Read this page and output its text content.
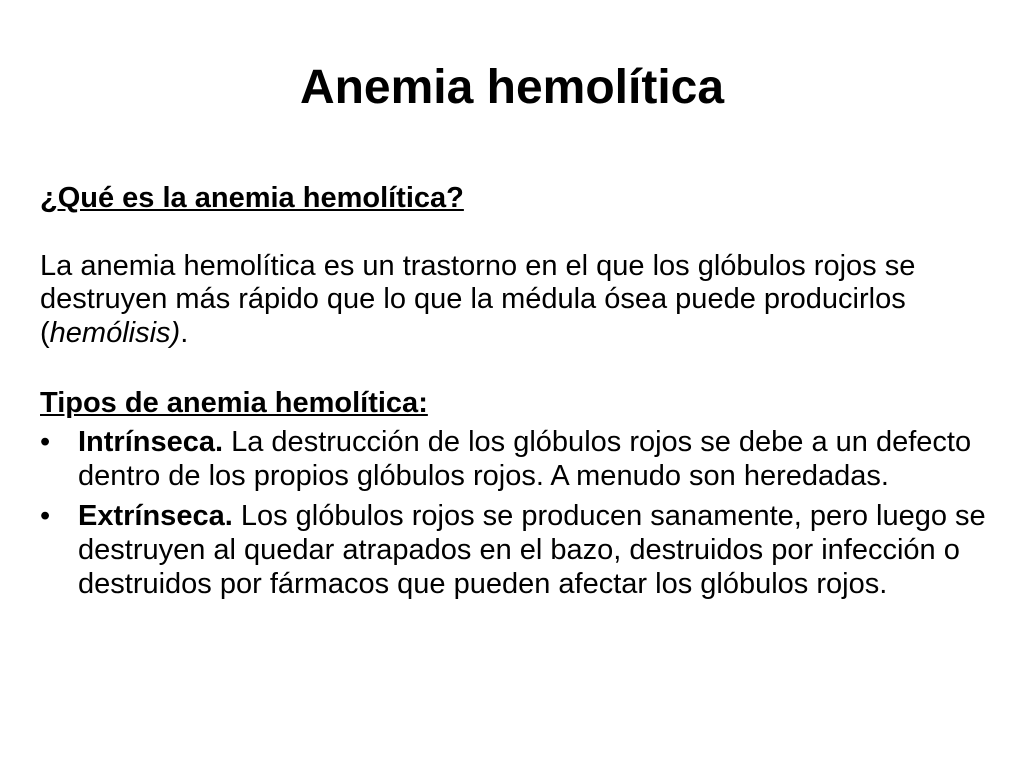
Anemia hemolítica

¿Qué es la anemia hemolítica?

La anemia hemolítica es un trastorno en el que los glóbulos rojos se destruyen más rápido que lo que la médula ósea puede producirlos (hemólisis).

Tipos de anemia hemolítica:

• Intrínseca. La destrucción de los glóbulos rojos se debe a un defecto dentro de los propios glóbulos rojos. A menudo son heredadas.
• Extrínseca. Los glóbulos rojos se producen sanamente, pero luego se destruyen al quedar atrapados en el bazo, destruidos por infección o destruidos por fármacos que pueden afectar los glóbulos rojos.
